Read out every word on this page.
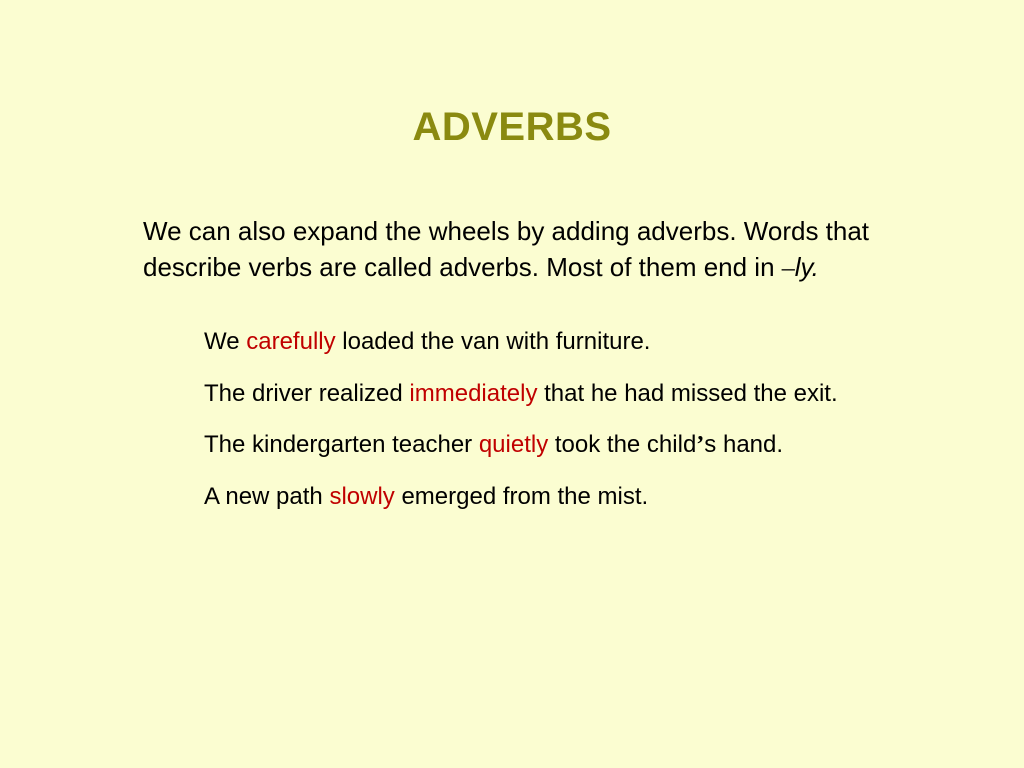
ADVERBS
We can also expand the wheels by adding adverbs. Words that
describe verbs are called adverbs. Most of them end in –ly.
We carefully loaded the van with furniture.
The driver realized immediately that he had missed the exit.
The kindergarten teacher quietly took the child’s hand.
A new path slowly emerged from the mist.
